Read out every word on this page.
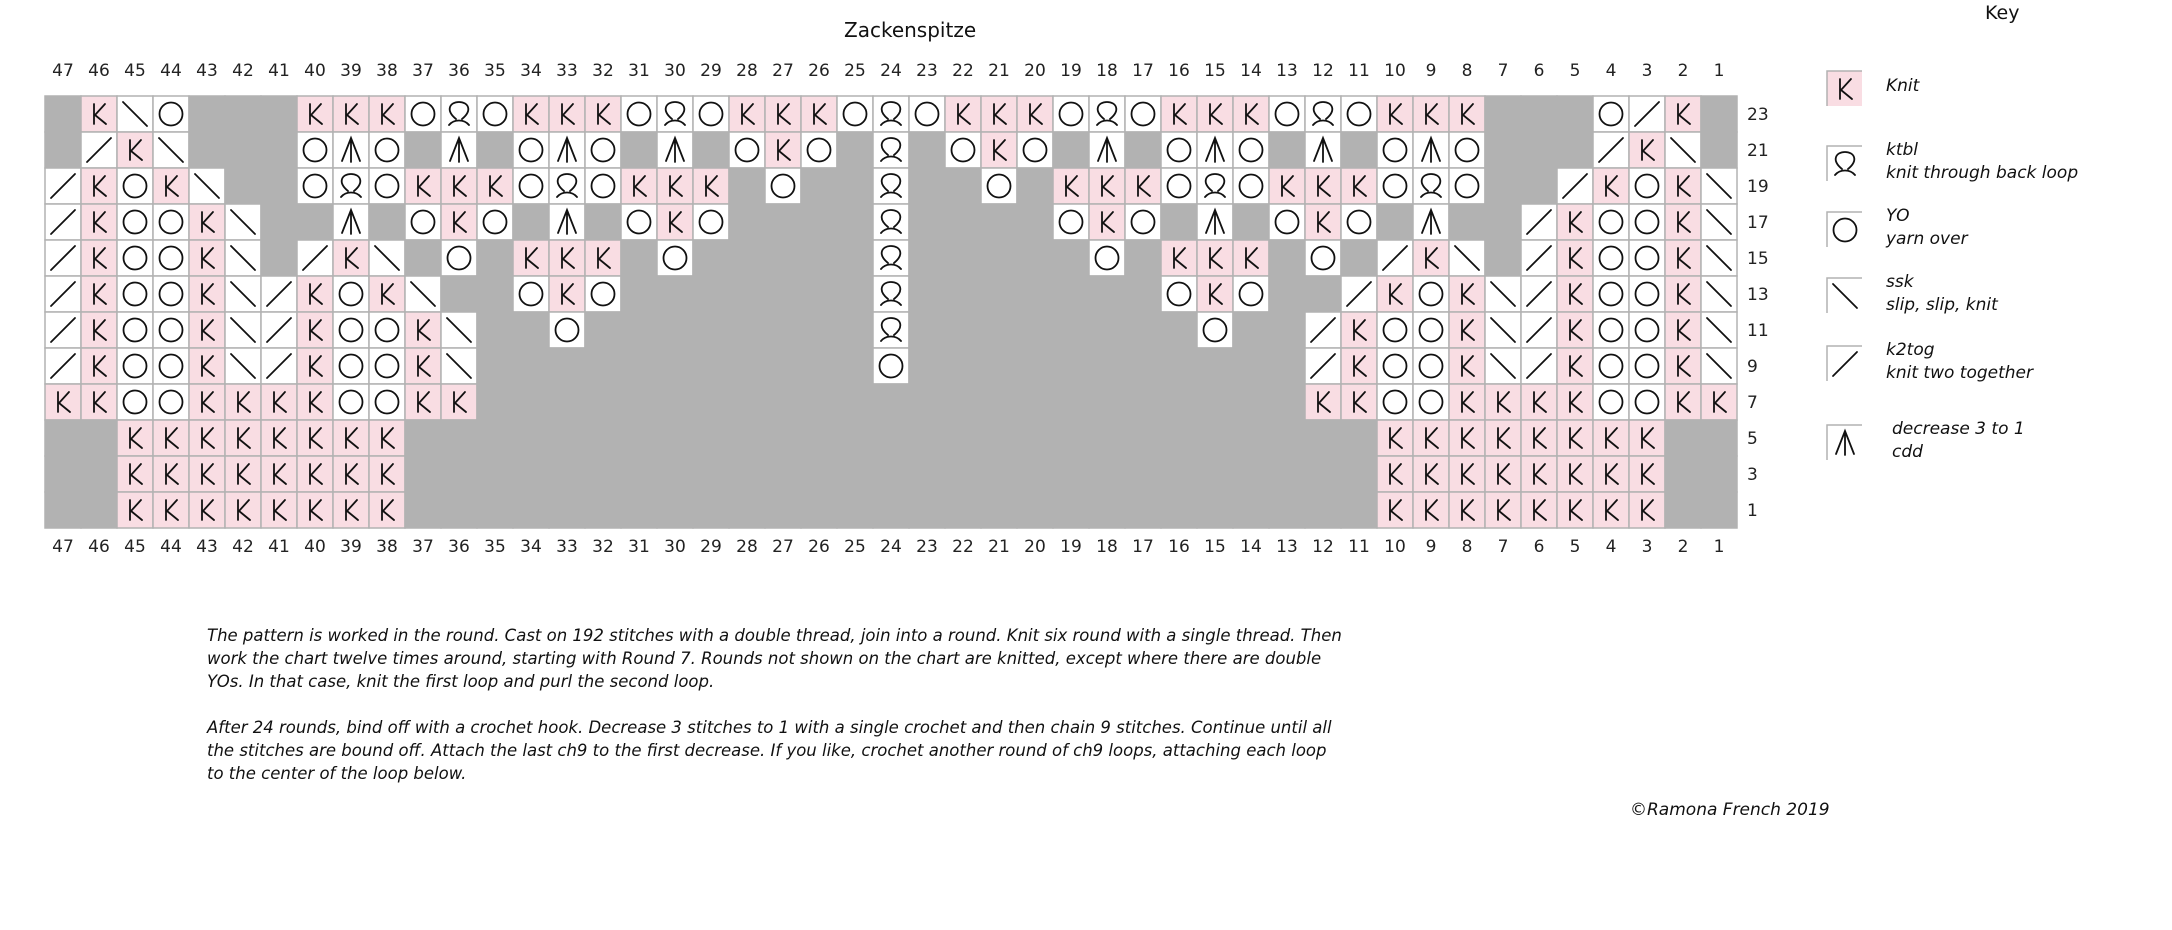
Zackenspitze
47
47
46
46
45
45
44
44
43
43
42
42
41
41
40
40
39
39
38
38
37
37
36
36
35
35
34
34
33
33
32
32
31
31
30
30
29
29
28
28
27
27
26
26
25
25
24
24
23
23
22
22
21
21
20
20
19
19
18
18
17
17
16
16
15
15
14
14
13
13
12
12
11
11
10
10
9
9
8
8
7
7
6
6
5
5
4
4
3
3
2
2
1
1
23
21
19
17
15
13
11
9
7
5
3
1
Key
Knit
ktbl
knit through back loop
YO
yarn over
ssk
slip, slip, knit
k2tog
knit two together
decrease 3 to 1
cdd

The pattern is worked in the round. Cast on 192 stitches with a double thread, join into a round. Knit six round with a single thread. Then work the chart twelve times around, starting with Round 7. Rounds not shown on the chart are knitted, except where there are double YOs. In that case, knit the first loop and purl the second loop.

After 24 rounds, bind off with a crochet hook. Decrease 3 stitches to 1 with a single crochet and then chain 9 stitches. Continue until all the stitches are bound off. Attach the last ch9 to the first decrease. If you like, crochet another round of ch9 loops, attaching each loop to the center of the loop below.

©Ramona French 2019
